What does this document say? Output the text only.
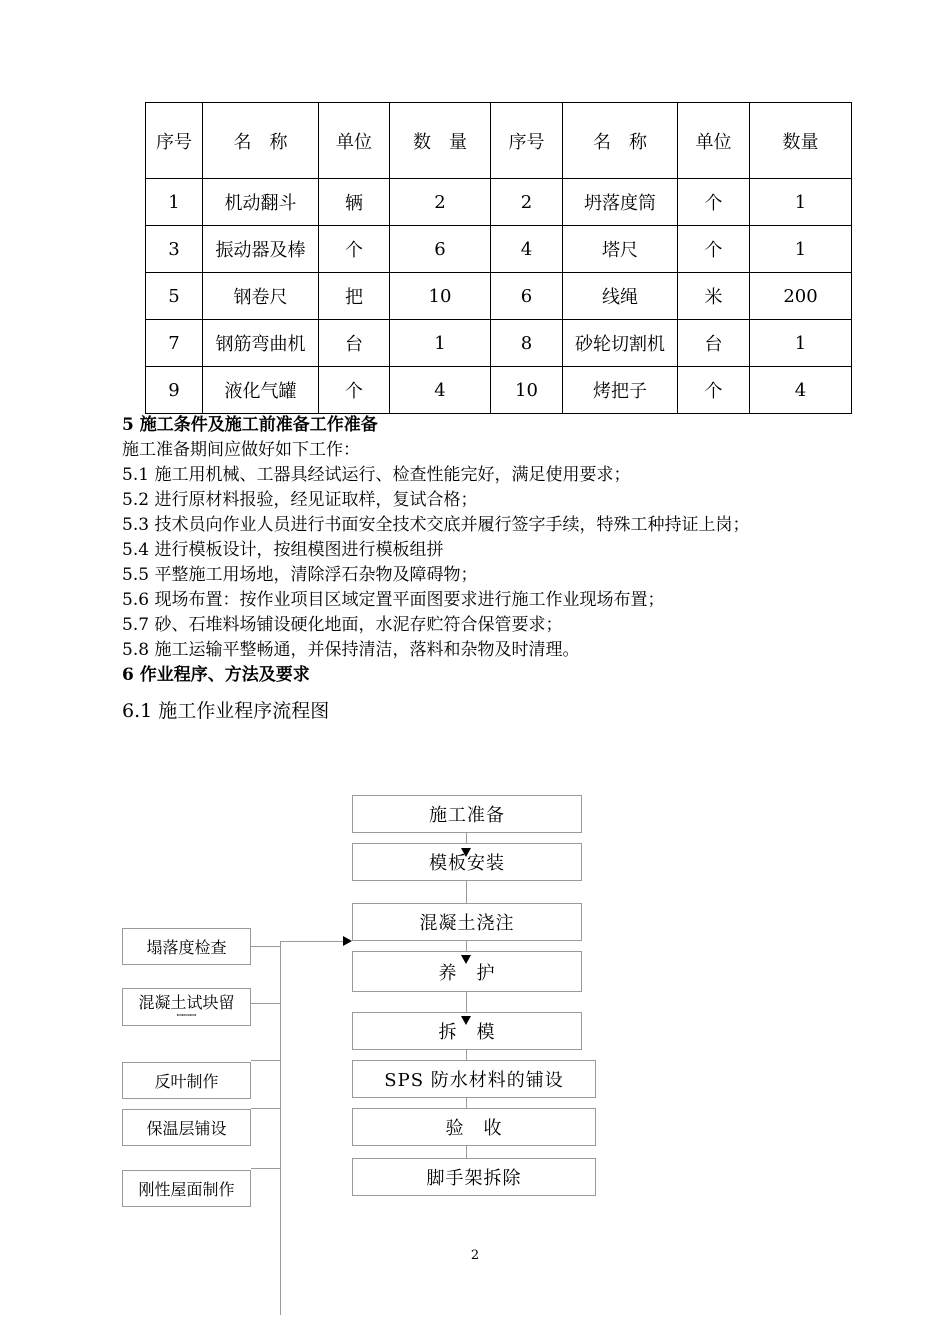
序号	名　称	单位	数　量	序号	名　称	单位	数量
1	机动翻斗	辆	2	2	坍落度筒	个	1
3	振动器及棒	个	6	4	塔尺	个	1
5	钢卷尺	把	10	6	线绳	米	200
7	钢筋弯曲机	台	1	8	砂轮切割机	台	1
9	液化气罐	个	4	10	烤把子	个	4
5 施工条件及施工前准备工作准备
施工准备期间应做好如下工作：
5.1 施工用机械、工器具经试运行、检查性能完好，满足使用要求；
5.2 进行原材料报验，经见证取样，复试合格；
5.3 技术员向作业人员进行书面安全技术交底并履行签字手续，特殊工种持证上岗；
5.4 进行模板设计，按组模图进行模板组拼
5.5 平整施工用场地，清除浮石杂物及障碍物；
5.6 现场布置：按作业项目区域定置平面图要求进行施工作业现场布置；
5.7 砂、石堆料场铺设硬化地面，水泥存贮符合保管要求；
5.8 施工运输平整畅通，并保持清洁，落料和杂物及时清理。
6 作业程序、方法及要求
6.1 施工作业程序流程图
施工准备
模板安装
混凝土浇注
养　护
拆　模
SPS 防水材料的铺设
验　收
脚手架拆除
塌落度检查
混凝土试块留
ꟷꟷꟷ
反叶制作
保温层铺设
刚性屋面制作
2
